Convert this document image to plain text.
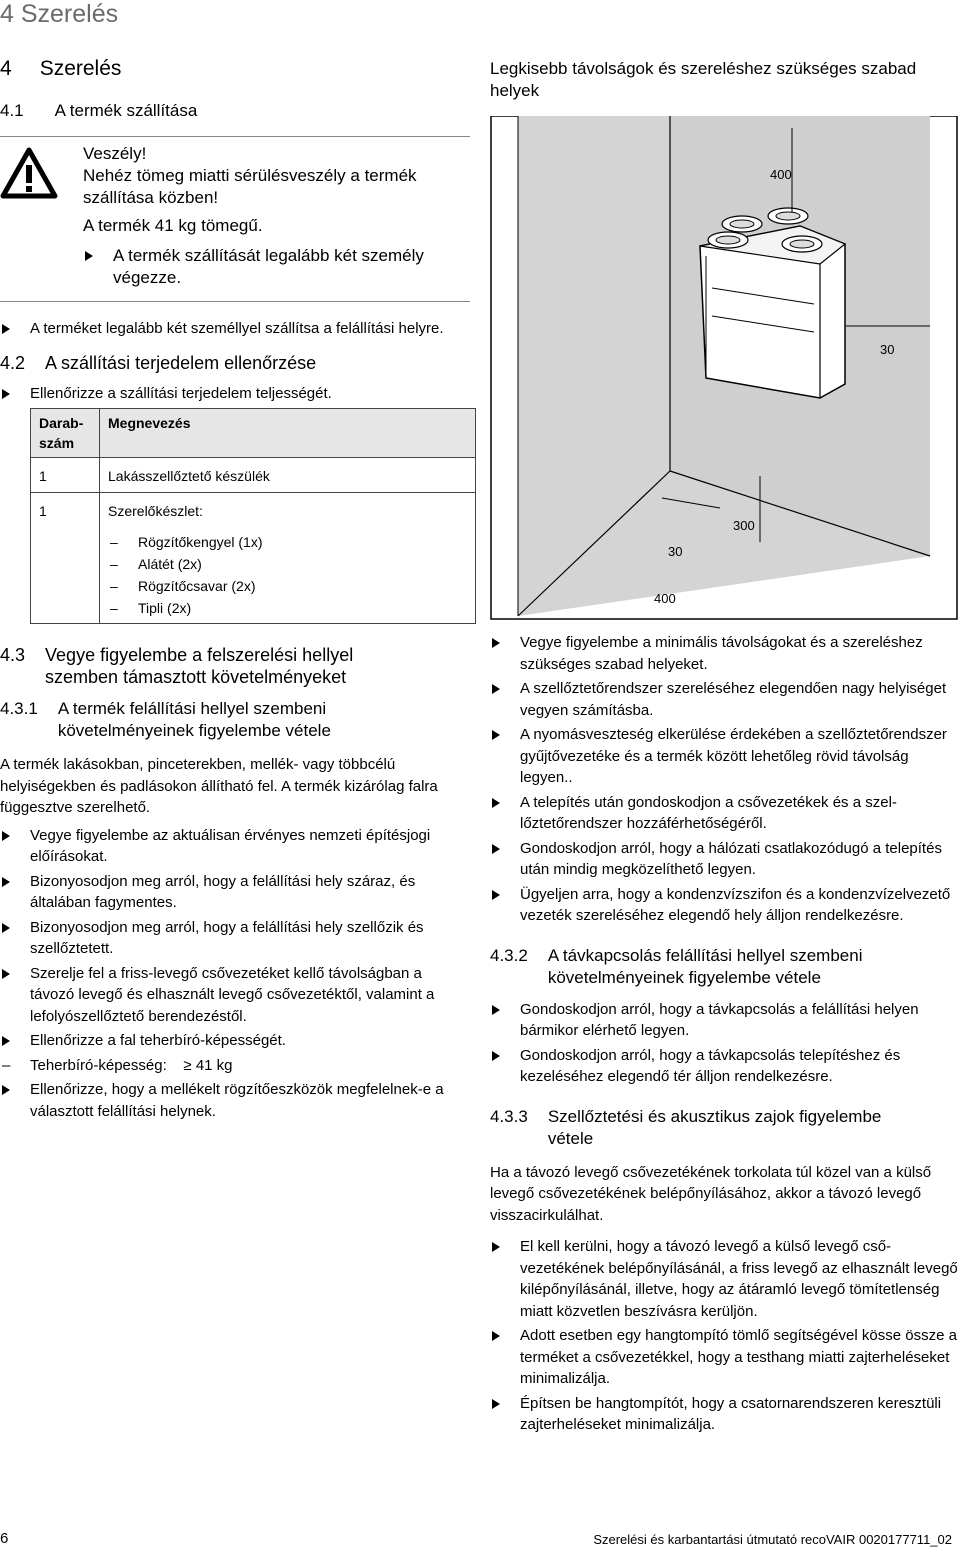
4 Szerelés
4 Szerelés
4.1 A termék szállítása
Veszély!
Nehéz tömeg miatti sérülésveszély a termék szállítása közben!
A termék 41 kg tömegű.
A termék szállítását legalább két személy végezze.
A terméket legalább két személlyel szállítsa a felállítási helyre.
4.2 A szállítási terjedelem ellenőrzése
Ellenőrizze a szállítási terjedelem teljességét.
Darabszám	Megnevezés
1	Lakásszellőztető készülék
1	Szerelőkészlet:
– Rögzítőkengyel (1x)
– Alátét (2x)
– Rögzítőcsavar (2x)
– Tipli (2x)
4.3 Vegye figyelembe a felszerelési hellyel szemben támasztott követelményeket
4.3.1 A termék felállítási hellyel szembeni követelményeinek figyelembe vétele
A termék lakásokban, pinceterekben, mellék- vagy többcélú helyiségekben és padlásokon állítható fel. A termék kizárólag falra függesztve szerelhető.
Vegye figyelembe az aktuálisan érvényes nemzeti építésjogi előírásokat.
Bizonyosodjon meg arról, hogy a felállítási hely száraz, és általában fagymentes.
Bizonyosodjon meg arról, hogy a felállítási hely szellőzik és szellőztetett.
Szerelje fel a friss-levegő csővezetéket kellő távolságban a távozó levegő és elhasznált levegő csővezetéktől, valamint a lefolyószellőztető berendezéstől.
Ellenőrizze a fal teherbíró-képességét.
– Teherbíró-képesség: ≥ 41 kg
Ellenőrizze, hogy a mellékelt rögzítőeszközök megfelelnek-e a választott felállítási helynek.
Legkisebb távolságok és szereléshez szükséges szabad helyek
400
30
30
300
400
Vegye figyelembe a minimális távolságokat és a szereléshez szükséges szabad helyeket.
A szellőztetőrendszer szereléséhez elegendően nagy helyiséget vegyen számításba.
A nyomásveszteség elkerülése érdekében a szellőztetőrendszer gyűjtővezetéke és a termék között lehetőleg rövid távolság legyen..
A telepítés után gondoskodjon a csővezetékek és a szellőztetőrendszer hozzáférhetőségéről.
Gondoskodjon arról, hogy a hálózati csatlakozódugó a telepítés után mindig megközelíthető legyen.
Ügyeljen arra, hogy a kondenzvízszifon és a kondenzvízelvezető vezeték szereléséhez elegendő hely álljon rendelkezésre.
4.3.2 A távkapcsolás felállítási hellyel szembeni követelményeinek figyelembe vétele
Gondoskodjon arról, hogy a távkapcsolás a felállítási helyen bármikor elérhető legyen.
Gondoskodjon arról, hogy a távkapcsolás telepítéshez és kezeléséhez elegendő tér álljon rendelkezésre.
4.3.3 Szellőztetési és akusztikus zajok figyelembe vétele
Ha a távozó levegő csővezetékének torkolata túl közel van a külső levegő csővezetékének belépőnyílásához, akkor a távozó levegő visszacirkulálhat.
El kell kerülni, hogy a távozó levegő a külső levegő csővezetékének belépőnyílásánál, a friss levegő az elhasznált levegő kilépőnyílásánál, illetve, hogy az átáramló levegő tömítetlenség miatt közvetlen beszívásra kerüljön.
Adott esetben egy hangtompító tömlő segítségével kösse össze a terméket a csővezetékkel, hogy a testhang miatti zajterheléseket minimalizálja.
Építsen be hangtompítót, hogy a csatornarendszeren keresztüli zajterheléseket minimalizálja.
6	Szerelési és karbantartási útmutató recoVAIR 0020177711_02
